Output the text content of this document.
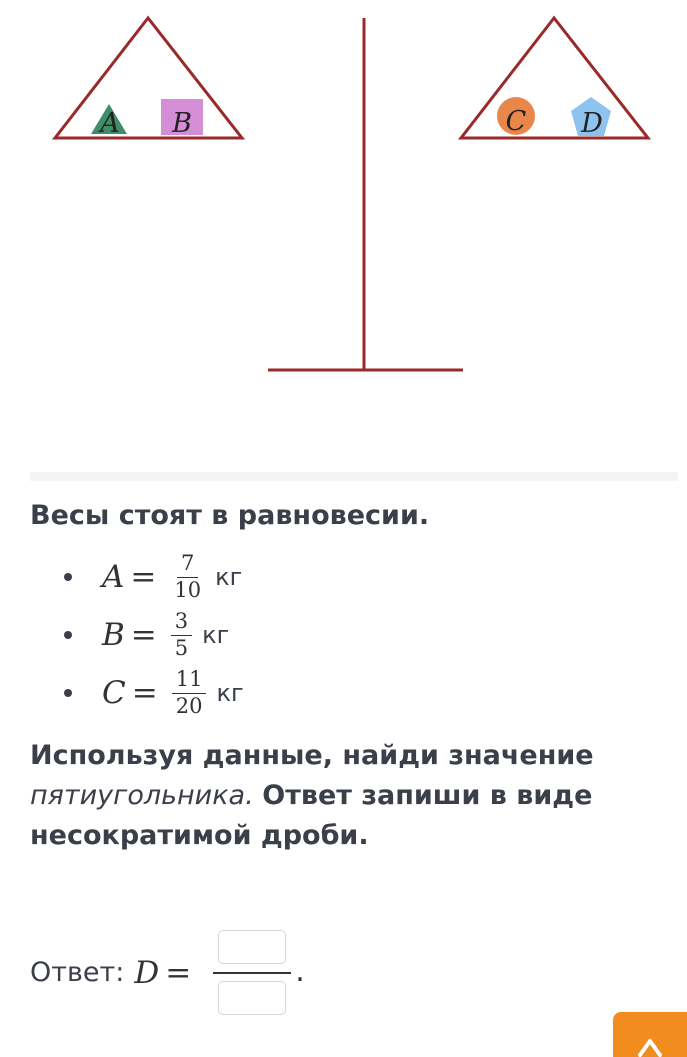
A B	C D

Весы стоят в равновесии.

$A = \frac{7}{10}$ кг
$B = \frac{3}{5}$ кг
$C = \frac{11}{20}$ кг

Используя данные, найди значение пятиугольника. Ответ запиши в виде несократимой дроби.

Ответ: D =	.
